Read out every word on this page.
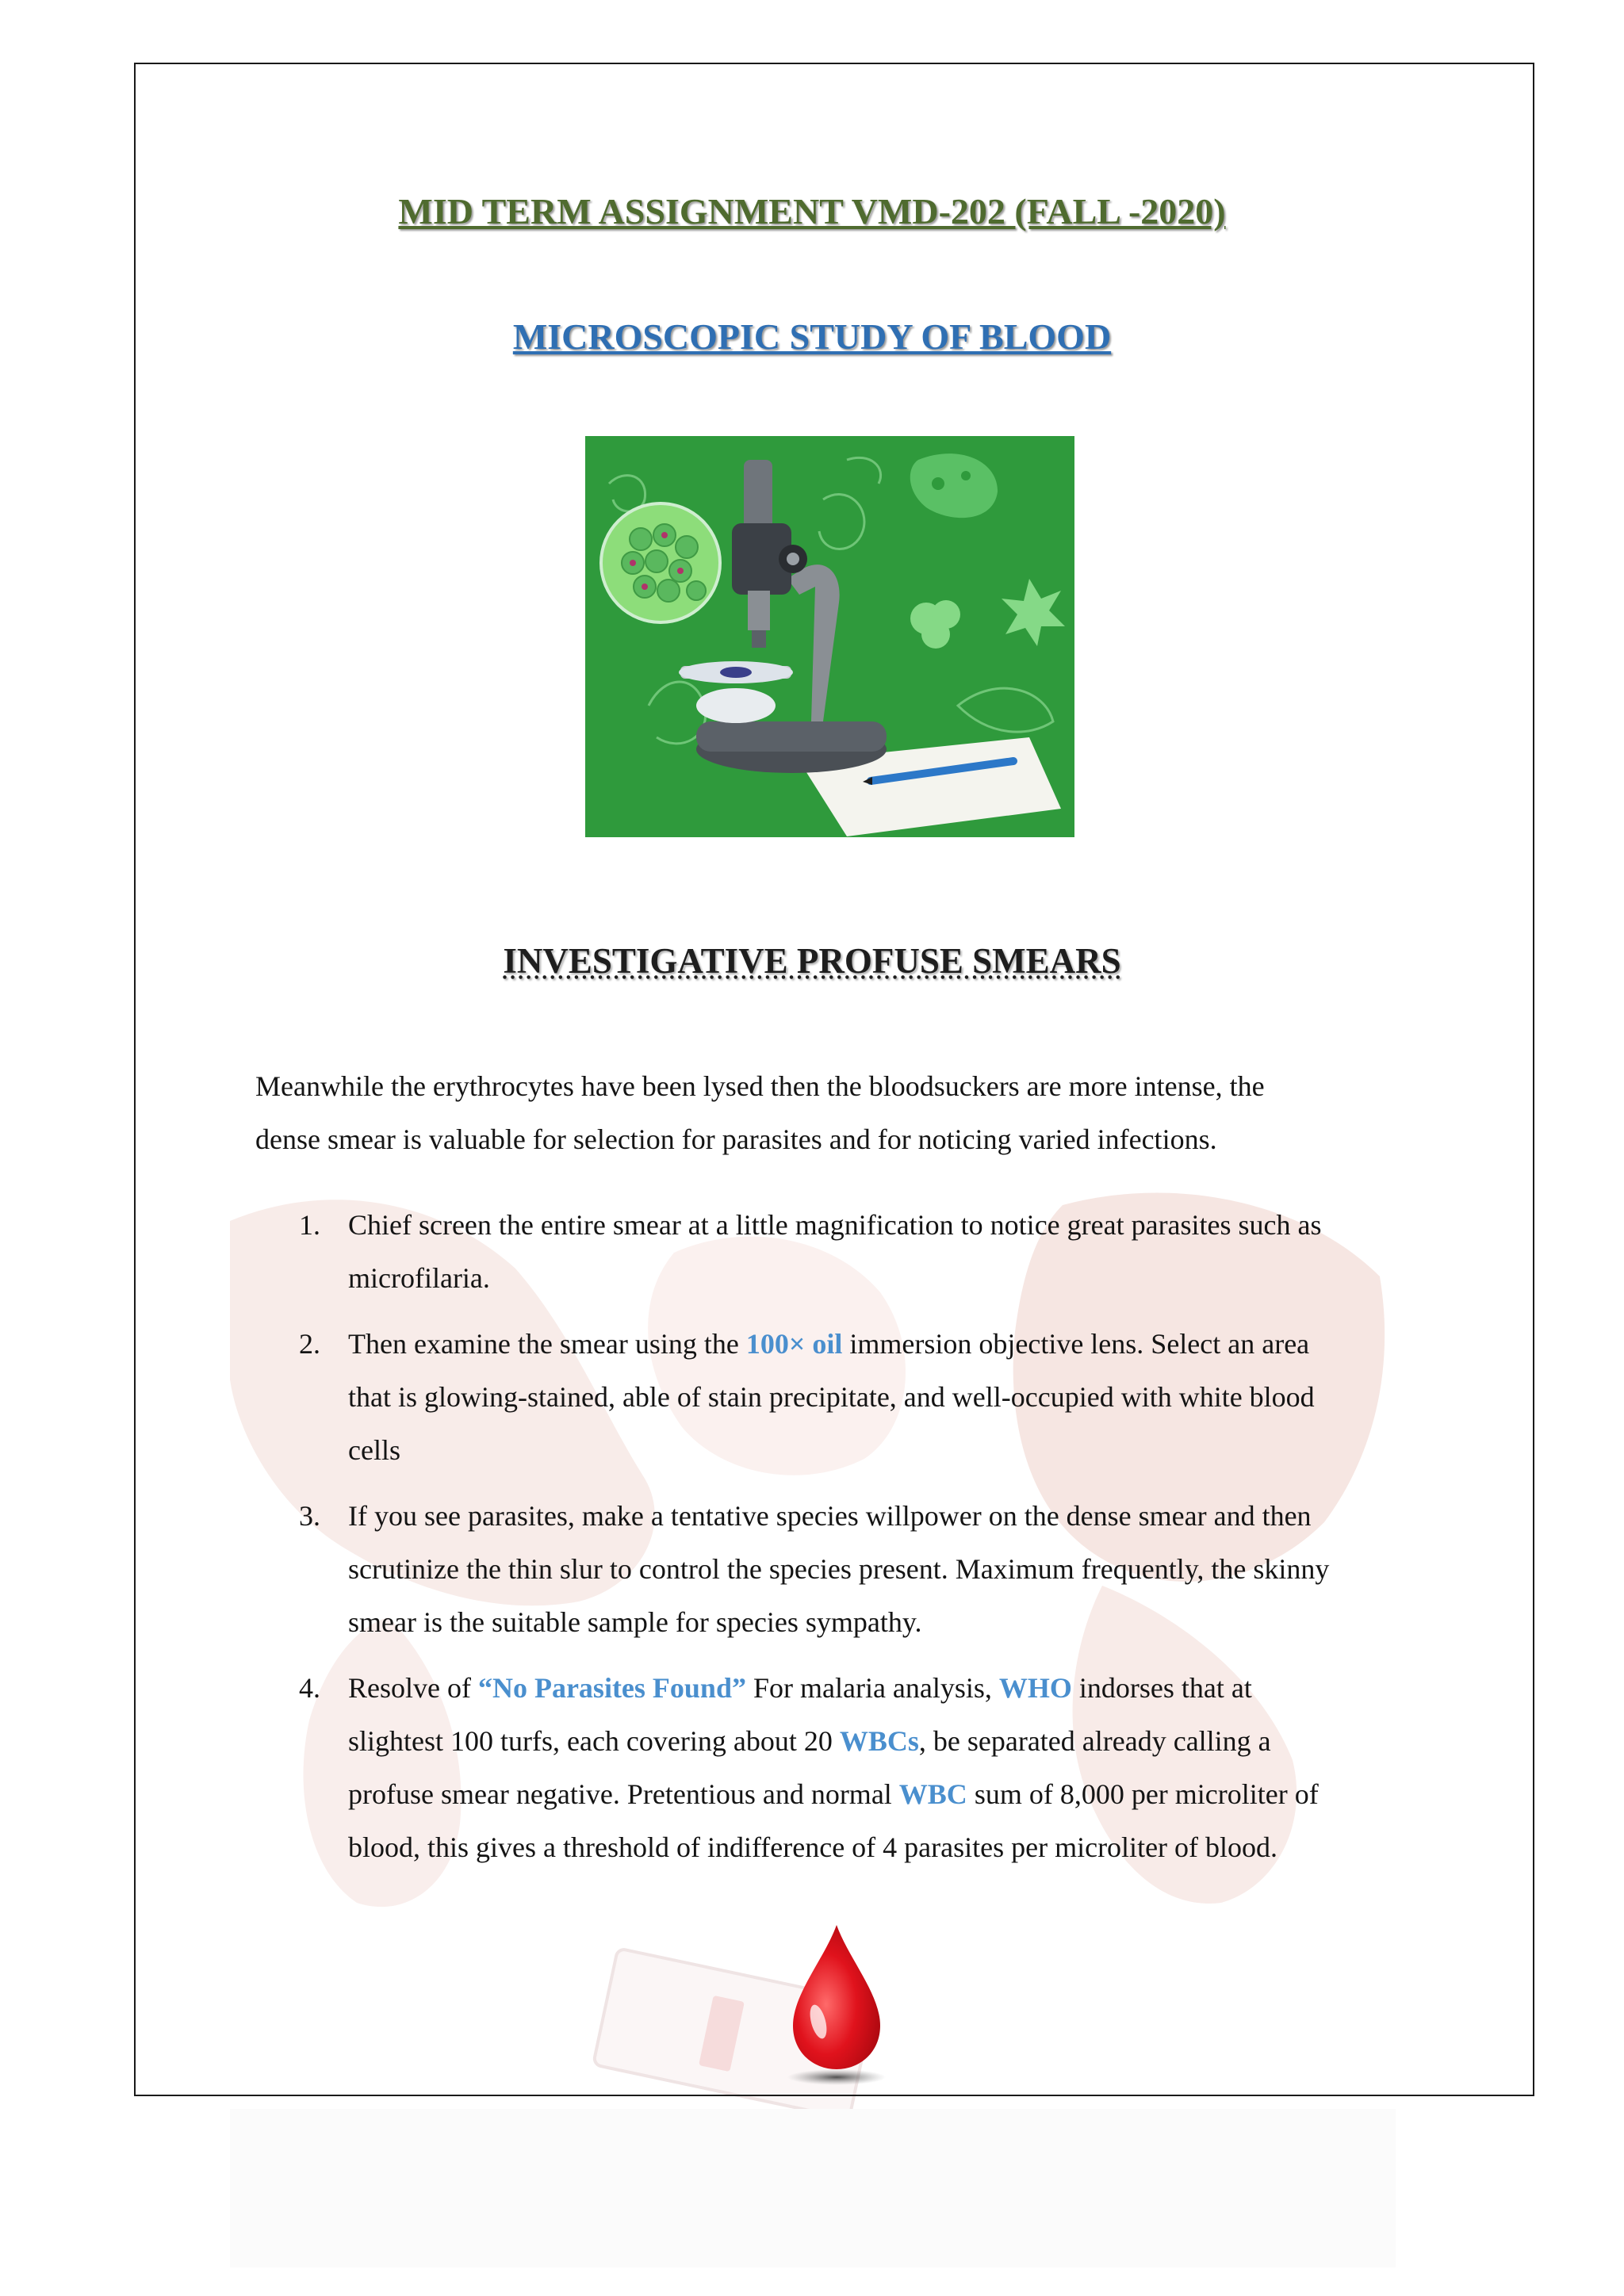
MID TERM ASSIGNMENT VMD-202 (FALL -2020)
MICROSCOPIC STUDY OF BLOOD
INVESTIGATIVE PROFUSE SMEARS
Meanwhile the erythrocytes have been lysed then the bloodsuckers are more intense, the
dense smear is valuable for selection for parasites and for noticing varied infections.
1. Chief screen the entire smear at a little magnification to notice great parasites such as
microfilaria.
2. Then examine the smear using the 100× oil immersion objective lens. Select an area
that is glowing-stained, able of stain precipitate, and well-occupied with white blood
cells
3. If you see parasites, make a tentative species willpower on the dense smear and then
scrutinize the thin slur to control the species present. Maximum frequently, the skinny
smear is the suitable sample for species sympathy.
4. Resolve of “No Parasites Found” For malaria analysis, WHO indorses that at
slightest 100 turfs, each covering about 20 WBCs, be separated already calling a
profuse smear negative. Pretentious and normal WBC sum of 8,000 per microliter of
blood, this gives a threshold of indifference of 4 parasites per microliter of blood.
